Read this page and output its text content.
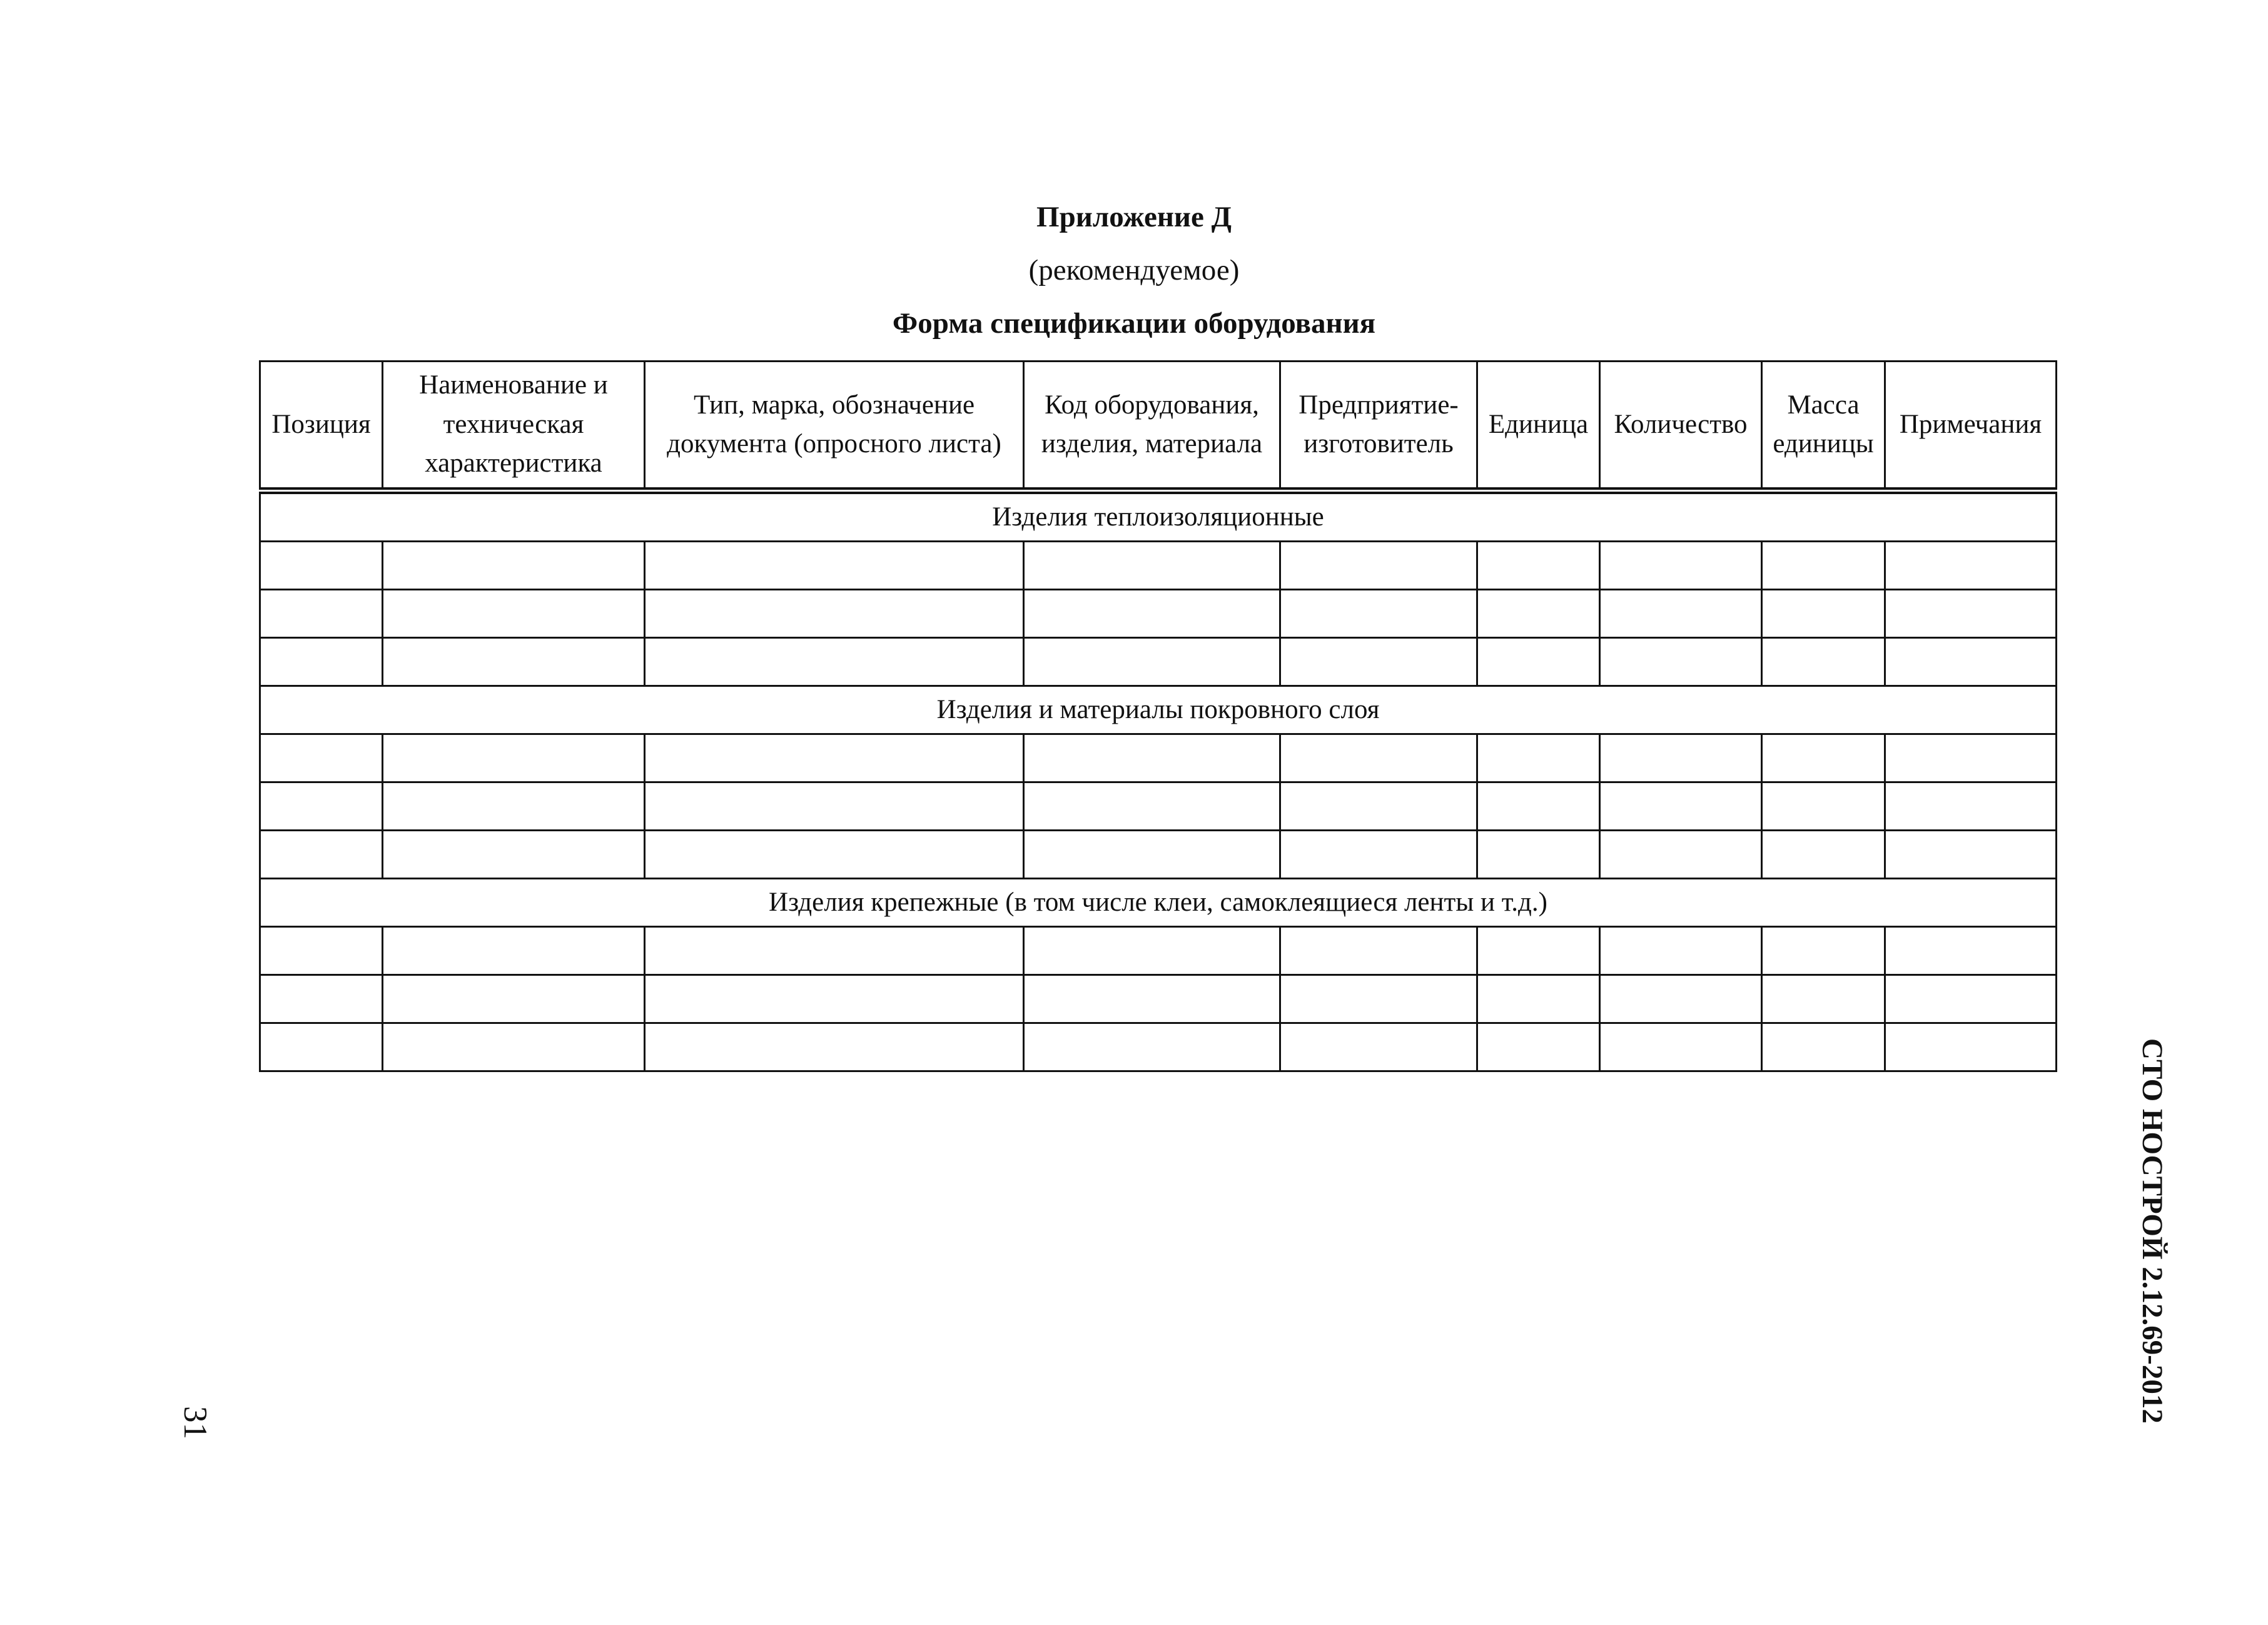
Приложение Д
(рекомендуемое)
Форма спецификации оборудования
Позиция	Наименование и техническая характеристика	Тип, марка, обозначение документа (опросного листа)	Код оборудования, изделия, материала	Предприятие-изготовитель	Единица	Количество	Масса единицы	Примечания
Изделия теплоизоляционные								

Изделия и материалы покровного слоя								

Изделия крепежные (в том числе клеи, самоклеящиеся ленты и т.д.)								

СТО НОСТРОЙ 2.12.69-2012
31
